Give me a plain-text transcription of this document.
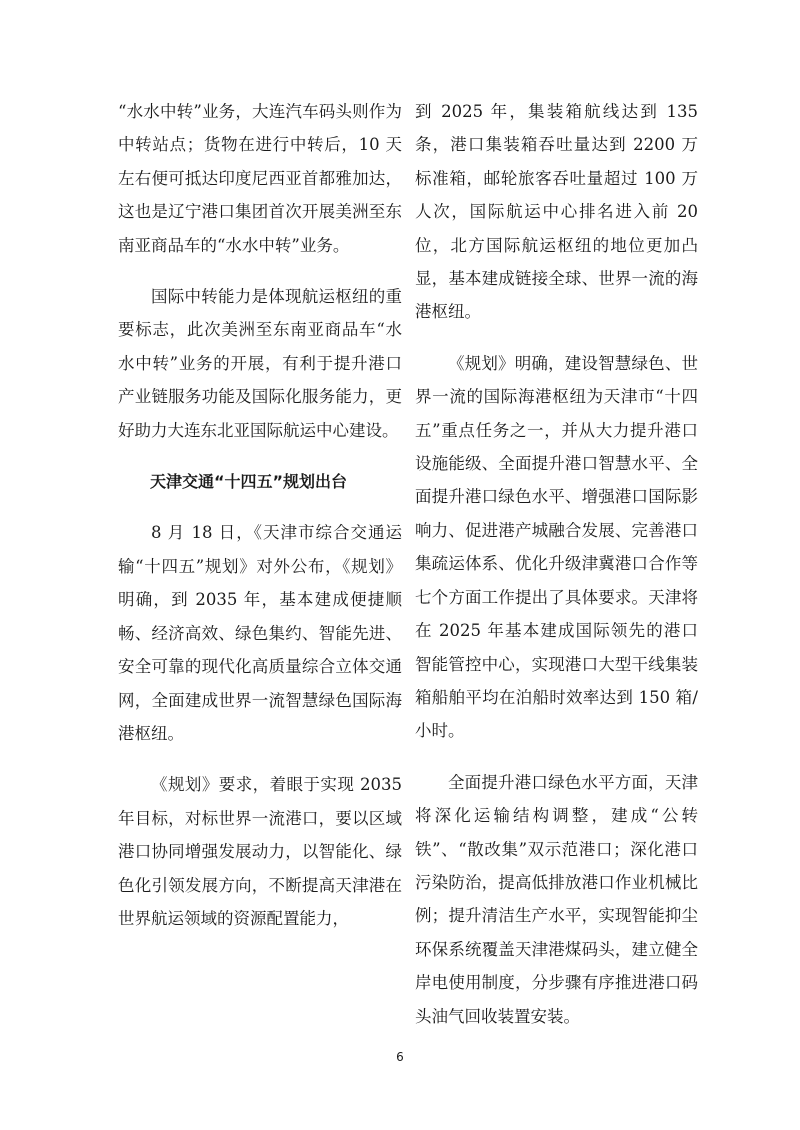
“水水中转”业务，大连汽车码头则作为中转站点；货物在进行中转后，10 天左右便可抵达印度尼西亚首都雅加达，这也是辽宁港口集团首次开展美洲至东南亚商品车的“水水中转”业务。

国际中转能力是体现航运枢纽的重要标志，此次美洲至东南亚商品车“水水中转”业务的开展，有利于提升港口产业链服务功能及国际化服务能力，更好助力大连东北亚国际航运中心建设。

天津交通“十四五”规划出台

8 月 18 日，《天津市综合交通运输“十四五”规划》对外公布，《规划》明确，到 2035 年，基本建成便捷顺畅、经济高效、绿色集约、智能先进、安全可靠的现代化高质量综合立体交通网，全面建成世界一流智慧绿色国际海港枢纽。

《规划》要求，着眼于实现 2035 年目标，对标世界一流港口，要以区域港口协同增强发展动力，以智能化、绿色化引领发展方向，不断提高天津港在世界航运领域的资源配置能力，

到 2025 年，集装箱航线达到 135 条，港口集装箱吞吐量达到 2200 万标准箱，邮轮旅客吞吐量超过 100 万人次，国际航运中心排名进入前 20 位，北方国际航运枢纽的地位更加凸显，基本建成链接全球、世界一流的海港枢纽。

《规划》明确，建设智慧绿色、世界一流的国际海港枢纽为天津市“十四五”重点任务之一，并从大力提升港口设施能级、全面提升港口智慧水平、全面提升港口绿色水平、增强港口国际影响力、促进港产城融合发展、完善港口集疏运体系、优化升级津冀港口合作等七个方面工作提出了具体要求。天津将在 2025 年基本建成国际领先的港口智能管控中心，实现港口大型干线集装箱船舶平均在泊船时效率达到 150 箱/小时。

全面提升港口绿色水平方面，天津将深化运输结构调整，建成“公转铁”、“散改集”双示范港口；深化港口污染防治，提高低排放港口作业机械比例；提升清洁生产水平，实现智能抑尘环保系统覆盖天津港煤码头，建立健全岸电使用制度，分步骤有序推进港口码头油气回收装置安装。

6
